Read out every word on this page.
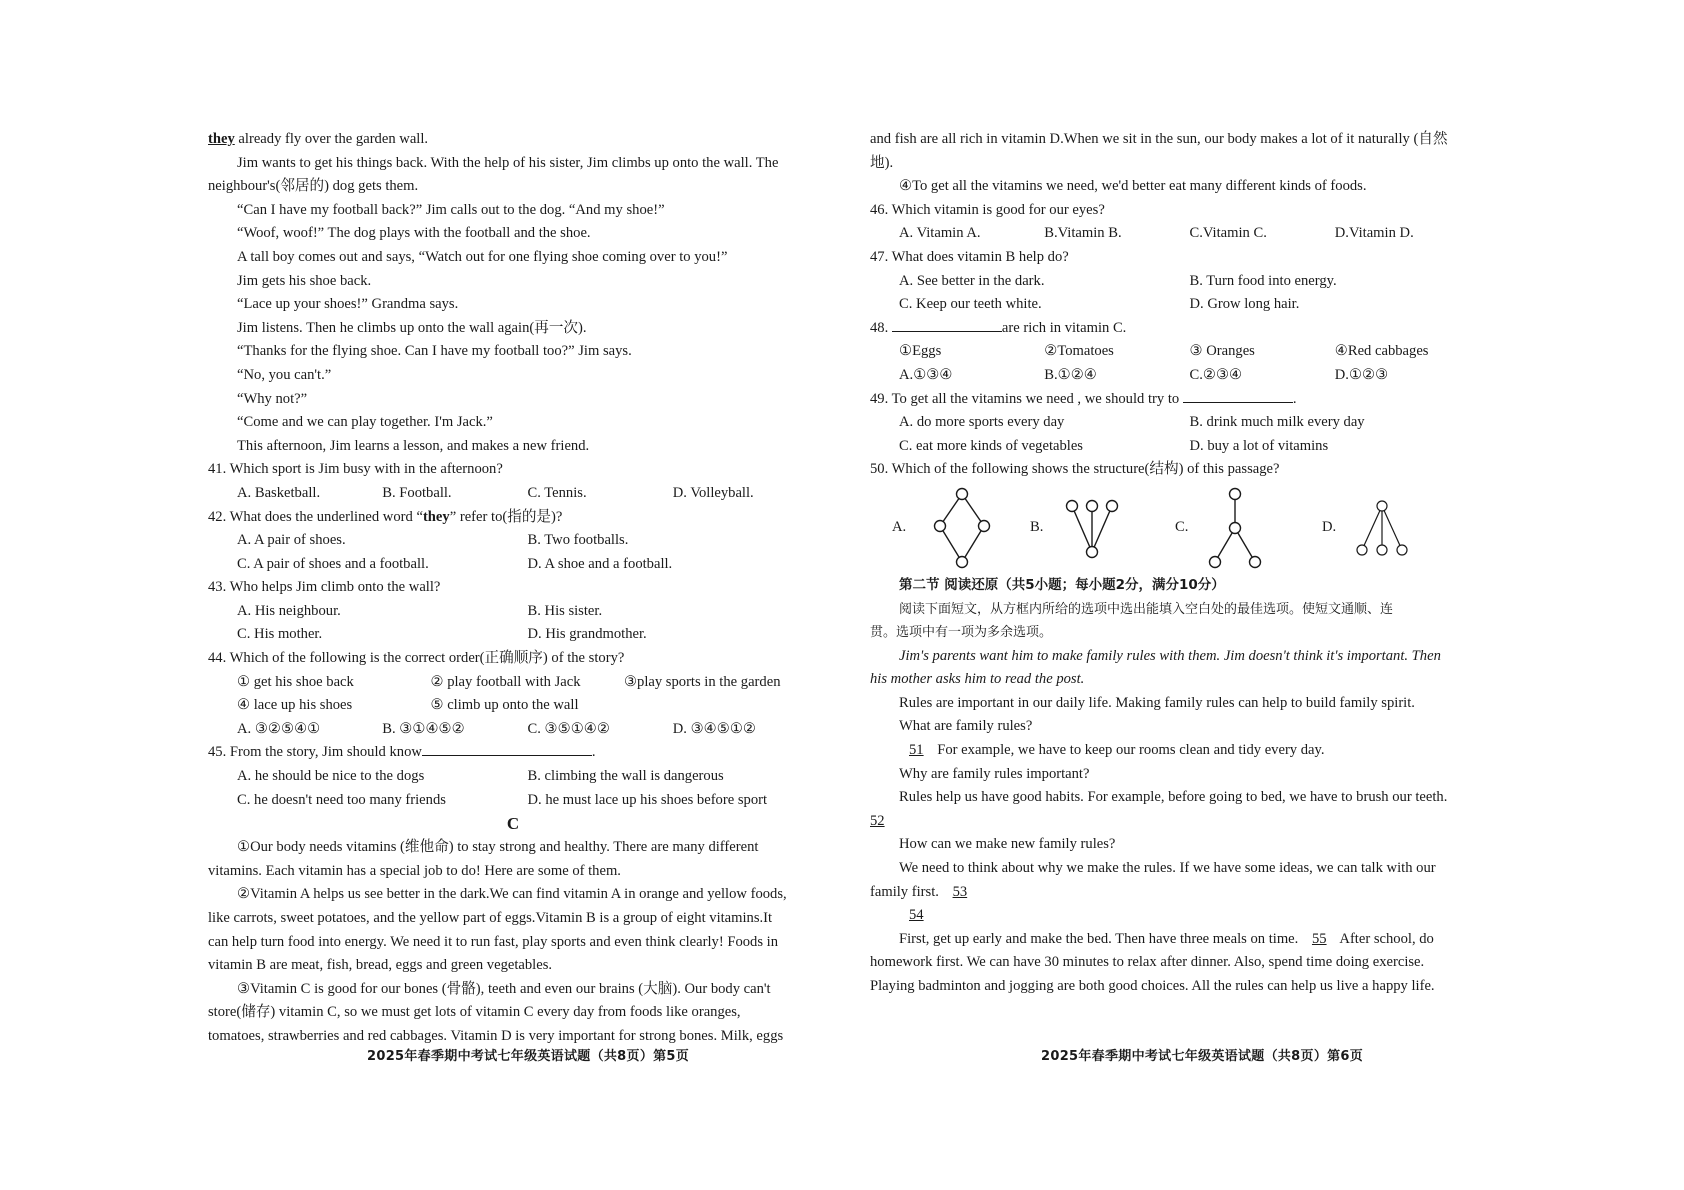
they already fly over the garden wall.
Jim wants to get his things back. With the help of his sister, Jim climbs up onto the wall. The
neighbour's(邻居的) dog gets them.
“Can I have my football back?” Jim calls out to the dog. “And my shoe!”
“Woof, woof!” The dog plays with the football and the shoe.
A tall boy comes out and says, “Watch out for one flying shoe coming over to you!”
Jim gets his shoe back.
“Lace up your shoes!” Grandma says.
Jim listens. Then he climbs up onto the wall again(再一次).
“Thanks for the flying shoe. Can I have my football too?” Jim says.
“No, you can't.”
“Why not?”
“Come and we can play together. I'm Jack.”
This afternoon, Jim learns a lesson, and makes a new friend.
41. Which sport is Jim busy with in the afternoon?
A. Basketball.	B. Football.	C. Tennis.	D. Volleyball.
42. What does the underlined word “they” refer to(指的是)?
A. A pair of shoes.	B. Two footballs.
C. A pair of shoes and a football.	D. A shoe and a football.
43. Who helps Jim climb onto the wall?
A. His neighbour.	B. His sister.
C. His mother.	D. His grandmother.
44. Which of the following is the correct order(正确顺序) of the story?
① get his shoe back	② play football with Jack	③play sports in the garden
④ lace up his shoes	⑤ climb up onto the wall
A. ③②⑤④①	B. ③①④⑤②	C. ③⑤①④②	D. ③④⑤①②
45. From the story, Jim should know	.
A. he should be nice to the dogs	B. climbing the wall is dangerous
C. he doesn't need too many friends	D. he must lace up his shoes before sport
C
①Our body needs vitamins (维他命) to stay strong and healthy. There are many different
vitamins. Each vitamin has a special job to do! Here are some of them.
②Vitamin A helps us see better in the dark.We can find vitamin A in orange and yellow foods,
like carrots, sweet potatoes, and the yellow part of eggs.Vitamin B is a group of eight vitamins.It
can help turn food into energy. We need it to run fast, play sports and even think clearly! Foods in
vitamin B are meat, fish, bread, eggs and green vegetables.
③Vitamin C is good for our bones (骨骼), teeth and even our brains (大脑). Our body can't
store(储存) vitamin C, so we must get lots of vitamin C every day from foods like oranges,
tomatoes, strawberries and red cabbages. Vitamin D is very important for strong bones. Milk, eggs
2025年春季期中考试七年级英语试题（共8页）第5页
and fish are all rich in vitamin D.When we sit in the sun, our body makes a lot of it naturally (自然
地).
④To get all the vitamins we need, we'd better eat many different kinds of foods.
46. Which vitamin is good for our eyes?
A. Vitamin A.	B.Vitamin B.	C.Vitamin C.	D.Vitamin D.
47. What does vitamin B help do?
A. See better in the dark.	B. Turn food into energy.
C. Keep our teeth white.	D. Grow long hair.
48.	are rich in vitamin C.
①Eggs	②Tomatoes	③ Oranges	④Red cabbages
A.①③④	B.①②④	C.②③④	D.①②③
49. To get all the vitamins we need , we should try to	.
A. do more sports every day	B. drink much milk every day
C. eat more kinds of vegetables	D. buy a lot of vitamins
50. Which of the following shows the structure(结构) of this passage?
A.	B.	C.	D.
第二节 阅读还原（共5小题；每小题2分，满分10分）
阅读下面短文，从方框内所给的选项中选出能填入空白处的最佳选项。使短文通顺、连
贯。选项中有一项为多余选项。
Jim's parents want him to make family rules with them. Jim doesn't think it's important. Then
his mother asks him to read the post.
Rules are important in our daily life. Making family rules can help to build family spirit.
What are family rules?
51 For example, we have to keep our rooms clean and tidy every day.
Why are family rules important?
Rules help us have good habits. For example, before going to bed, we have to brush our teeth.
52
How can we make new family rules?
We need to think about why we make the rules. If we have some ideas, we can talk with our
family first. 53
54
First, get up early and make the bed. Then have three meals on time. 55 After school, do
homework first. We can have 30 minutes to relax after dinner. Also, spend time doing exercise.
Playing badminton and jogging are both good choices. All the rules can help us live a happy life.
2025年春季期中考试七年级英语试题（共8页）第6页
